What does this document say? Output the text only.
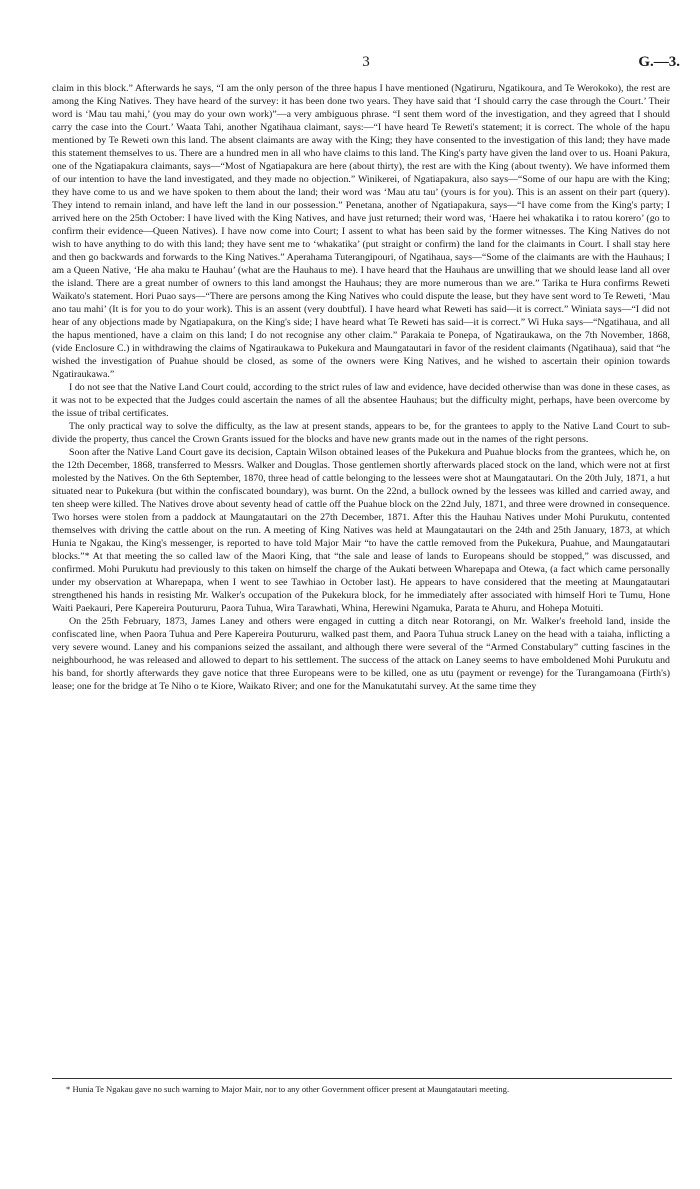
3	G.—3.

claim in this block.” Afterwards he says, “I am the only person of the three hapus I have mentioned (Ngatiruru, Ngatikoura, and Te Werokoko), the rest are among the King Natives. They have heard of the survey: it has been done two years. They have said that ‘I should carry the case through the Court.’ Their word is ‘Mau tau mahi,’ (you may do your own work)”—a very ambiguous phrase. “I sent them word of the investigation, and they agreed that I should carry the case into the Court.’ Waata Tahi, another Ngatihaua claimant, says:—“I have heard Te Reweti's statement; it is correct. The whole of the hapu mentioned by Te Reweti own this land. The absent claimants are away with the King; they have consented to the investigation of this land; they have made this statement themselves to us. There are a hundred men in all who have claims to this land. The King's party have given the land over to us. Hoani Pakura, one of the Ngatiapakura claimants, says—“Most of Ngatiapakura are here (about thirty), the rest are with the King (about twenty). We have informed them of our intention to have the land investigated, and they made no objection.” Winikerei, of Ngatiapakura, also says—“Some of our hapu are with the King; they have come to us and we have spoken to them about the land; their word was ‘Mau atu tau’ (yours is for you). This is an assent on their part (query). They intend to remain inland, and have left the land in our possession.” Penetana, another of Ngatiapakura, says—“I have come from the King's party; I arrived here on the 25th October: I have lived with the King Natives, and have just returned; their word was, ‘Haere hei whakatika i to ratou korero’ (go to confirm their evidence—Queen Natives). I have now come into Court; I assent to what has been said by the former witnesses. The King Natives do not wish to have anything to do with this land; they have sent me to ‘whakatika’ (put straight or confirm) the land for the claimants in Court. I shall stay here and then go backwards and forwards to the King Natives.” Aperahama Tuterangipouri, of Ngatihaua, says—“Some of the claimants are with the Hauhaus; I am a Queen Native, ‘He aha maku te Hauhau’ (what are the Hauhaus to me). I have heard that the Hauhaus are unwilling that we should lease land all over the island. There are a great number of owners to this land amongst the Hauhaus; they are more numerous than we are.” Tarika te Hura confirms Reweti Waikato's statement. Hori Puao says—“There are persons among the King Natives who could dispute the lease, but they have sent word to Te Reweti, ‘Mau ano tau mahi’ (It is for you to do your work). This is an assent (very doubtful). I have heard what Reweti has said—it is correct.” Winiata says—“I did not hear of any objections made by Ngatiapakura, on the King's side; I have heard what Te Reweti has said—it is correct.” Wi Huka says—“Ngatihaua, and all the hapus mentioned, have a claim on this land; I do not recognise any other claim.” Parakaia te Ponepa, of Ngatiraukawa, on the 7th November, 1868, (vide Enclosure C.) in withdrawing the claims of Ngatiraukawa to Pukekura and Maungatautari in favor of the resident claimants (Ngatihaua), said that “he wished the investigation of Puahue should be closed, as some of the owners were King Natives, and he wished to ascertain their opinion towards Ngatiraukawa.”

I do not see that the Native Land Court could, according to the strict rules of law and evidence, have decided otherwise than was done in these cases, as it was not to be expected that the Judges could ascertain the names of all the absentee Hauhaus; but the difficulty might, perhaps, have been overcome by the issue of tribal certificates.

The only practical way to solve the difficulty, as the law at present stands, appears to be, for the grantees to apply to the Native Land Court to sub-divide the property, thus cancel the Crown Grants issued for the blocks and have new grants made out in the names of the right persons.

Soon after the Native Land Court gave its decision, Captain Wilson obtained leases of the Pukekura and Puahue blocks from the grantees, which he, on the 12th December, 1868, transferred to Messrs. Walker and Douglas. Those gentlemen shortly afterwards placed stock on the land, which were not at first molested by the Natives. On the 6th September, 1870, three head of cattle belonging to the lessees were shot at Maungatautari. On the 20th July, 1871, a hut situated near to Pukekura (but within the confiscated boundary), was burnt. On the 22nd, a bullock owned by the lessees was killed and carried away, and ten sheep were killed. The Natives drove about seventy head of cattle off the Puahue block on the 22nd July, 1871, and three were drowned in consequence. Two horses were stolen from a paddock at Maungatautari on the 27th December, 1871. After this the Hauhau Natives under Mohi Purukutu, contented themselves with driving the cattle about on the run. A meeting of King Natives was held at Maungatautari on the 24th and 25th January, 1873, at which Hunia te Ngakau, the King's messenger, is reported to have told Major Mair “to have the cattle removed from the Pukekura, Puahue, and Maungatautari blocks.”* At that meeting the so called law of the Maori King, that “the sale and lease of lands to Europeans should be stopped,” was discussed, and confirmed. Mohi Purukutu had previously to this taken on himself the charge of the Aukati between Wharepapa and Otewa, (a fact which came personally under my observation at Wharepapa, when I went to see Tawhiao in October last). He appears to have considered that the meeting at Maungatautari strengthened his hands in resisting Mr. Walker's occupation of the Pukekura block, for he immediately after associated with himself Hori te Tumu, Hone Waiti Paekauri, Pere Kapereira Poutururu, Paora Tuhua, Wira Tarawhati, Whina, Herewini Ngamuka, Parata te Ahuru, and Hohepa Motuiti.

On the 25th February, 1873, James Laney and others were engaged in cutting a ditch near Rotorangi, on Mr. Walker's freehold land, inside the confiscated line, when Paora Tuhua and Pere Kapereira Poutururu, walked past them, and Paora Tuhua struck Laney on the head with a taiaha, inflicting a very severe wound. Laney and his companions seized the assailant, and although there were several of the “Armed Constabulary” cutting fascines in the neighbourhood, he was released and allowed to depart to his settlement. The success of the attack on Laney seems to have emboldened Mohi Purukutu and his band, for shortly afterwards they gave notice that three Europeans were to be killed, one as utu (payment or revenge) for the Turangamoana (Firth's) lease; one for the bridge at Te Niho o te Kiore, Waikato River; and one for the Manukatutahi survey. At the same time they

* Hunia Te Ngakau gave no such warning to Major Mair, nor to any other Government officer present at Maungatautari meeting.
